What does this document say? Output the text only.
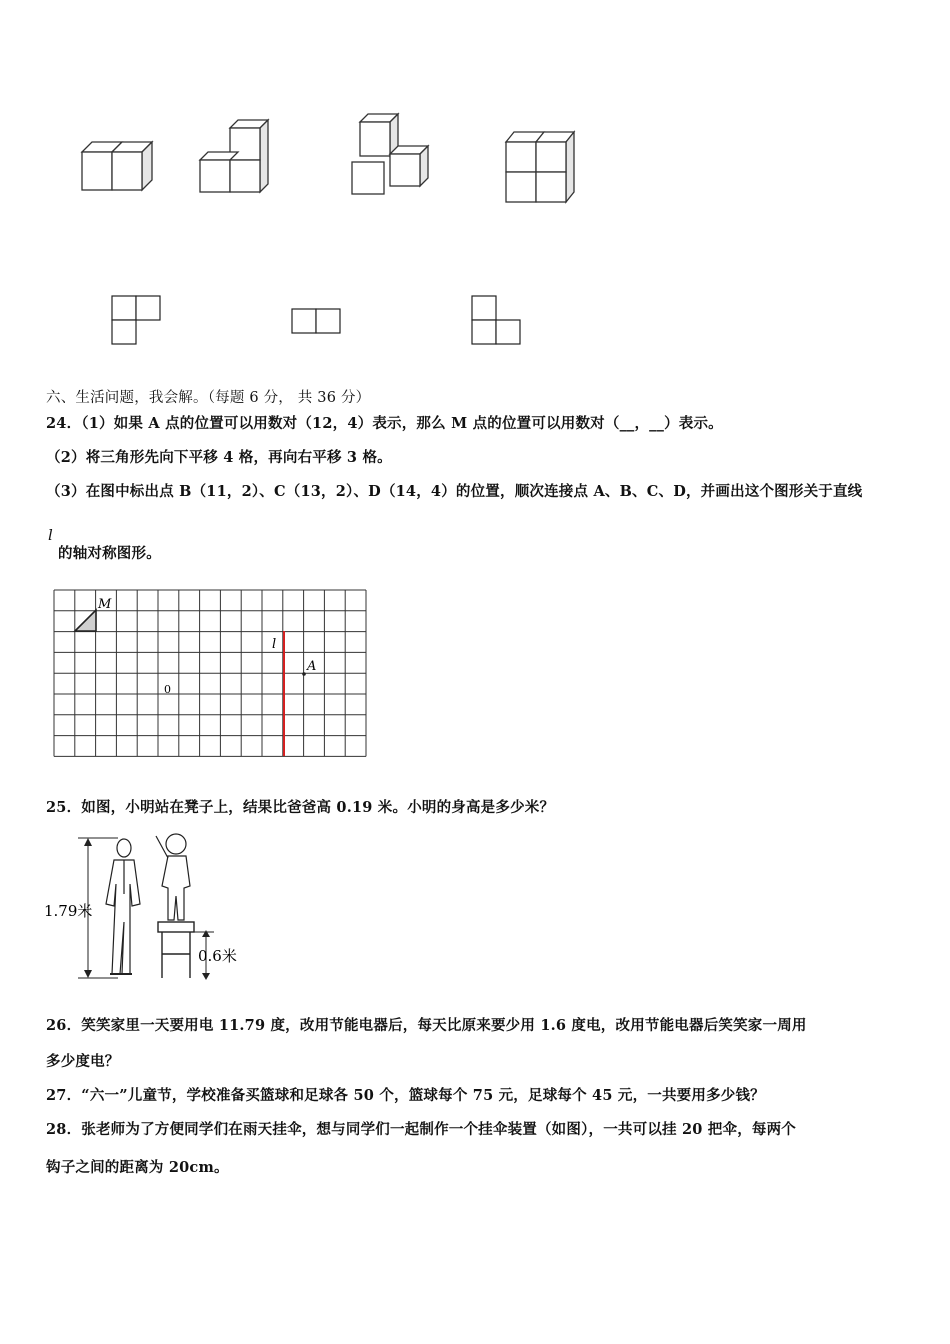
六、生活问题，我会解。（每题 6 分， 共 36 分）
24．（1）如果 A 点的位置可以用数对（12，4）表示，那么 M 点的位置可以用数对（__，__）表示。
（2）将三角形先向下平移 4 格，再向右平移 3 格。
（3）在图中标出点 B（11，2）、C（13，2）、D（14，4）的位置，顺次连接点 A、B、C、D，并画出这个图形关于直线
l
的轴对称图形。
M
l
A
0
25．如图，小明站在凳子上，结果比爸爸高 0.19 米。小明的身高是多少米？
1.79米
0.6米
26．笑笑家里一天要用电 11.79 度，改用节能电器后，每天比原来要少用 1.6 度电，改用节能电器后笑笑家一周用
多少度电？
27．“六一”儿童节，学校准备买篮球和足球各 50 个，篮球每个 75 元，足球每个 45 元，一共要用多少钱？
28．张老师为了方便同学们在雨天挂伞，想与同学们一起制作一个挂伞装置（如图），一共可以挂 20 把伞，每两个
钩子之间的距离为 20cm。
